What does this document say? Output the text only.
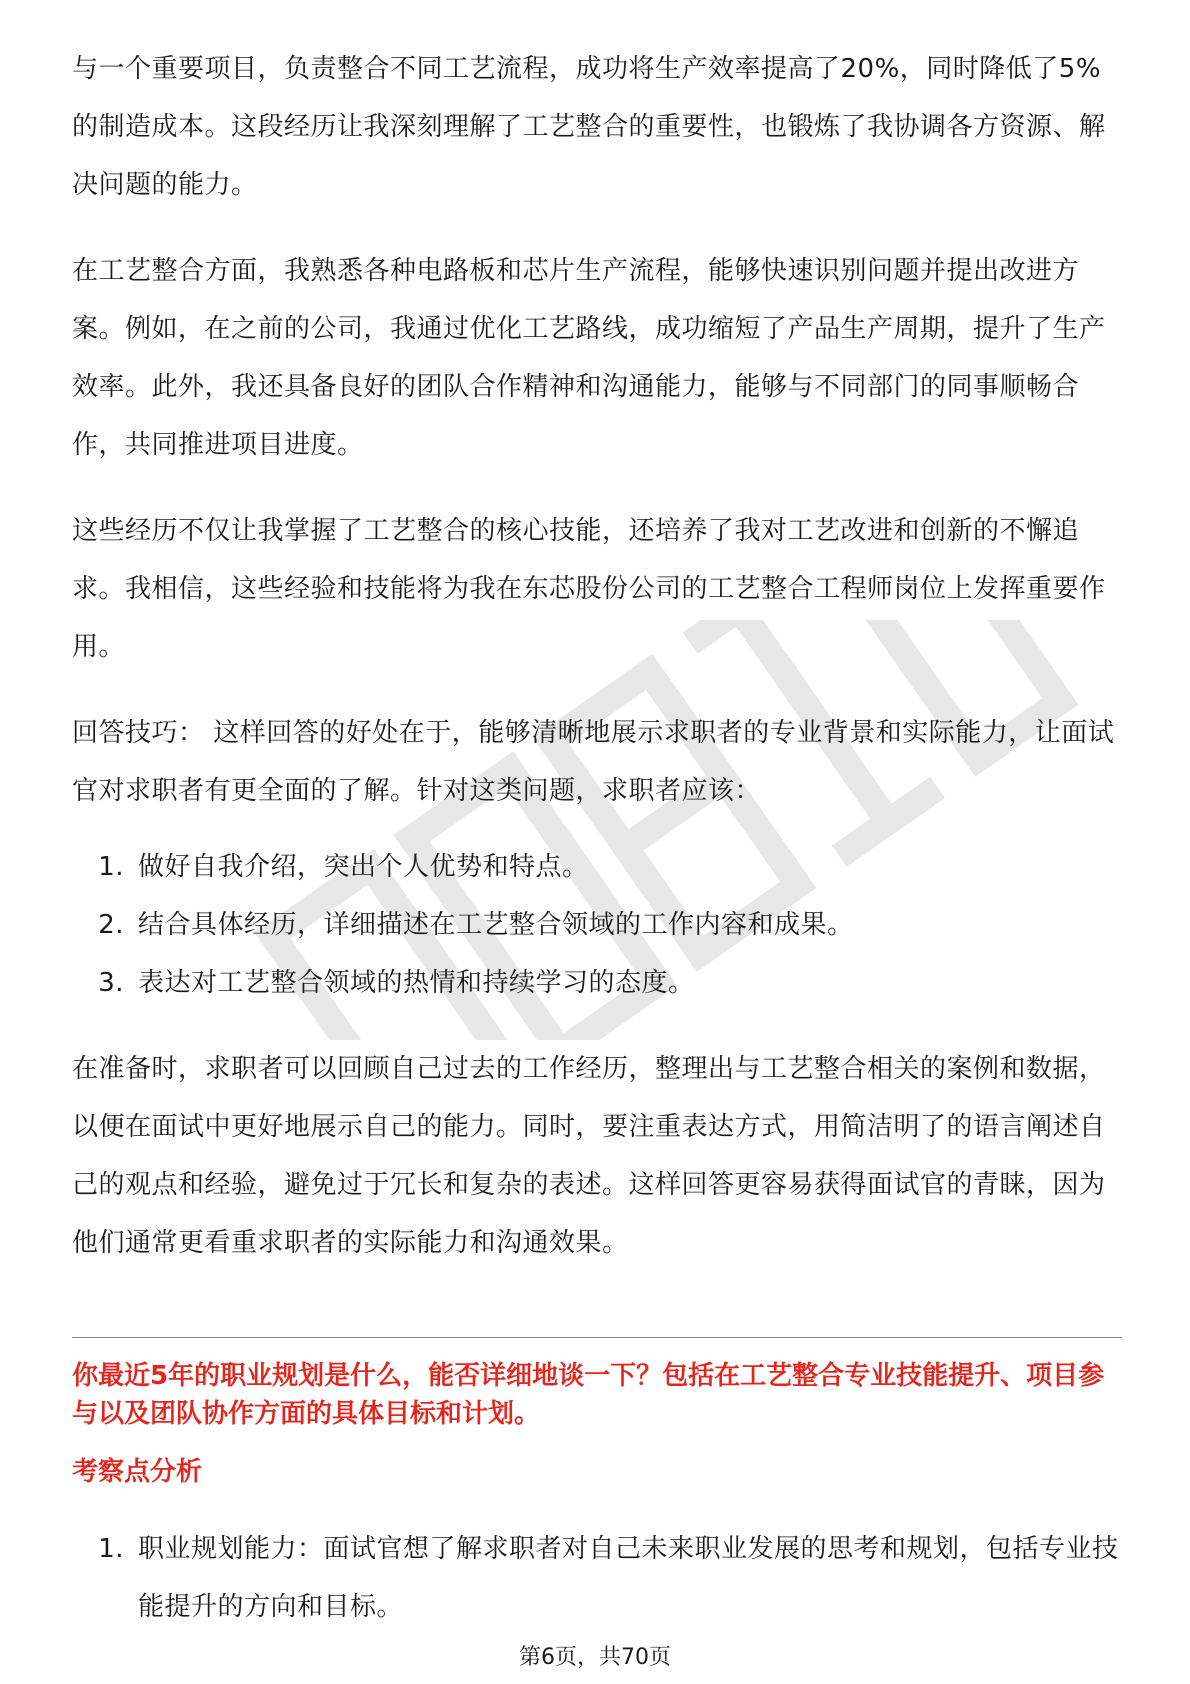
与一个重要项目，负责整合不同工艺流程，成功将生产效率提高了20%，同时降低了5%的制造成本。这段经历让我深刻理解了工艺整合的重要性，也锻炼了我协调各方资源、解决问题的能力。

在工艺整合方面，我熟悉各种电路板和芯片生产流程，能够快速识别问题并提出改进方案。例如，在之前的公司，我通过优化工艺路线，成功缩短了产品生产周期，提升了生产效率。此外，我还具备良好的团队合作精神和沟通能力，能够与不同部门的同事顺畅合作，共同推进项目进度。

这些经历不仅让我掌握了工艺整合的核心技能，还培养了我对工艺改进和创新的不懈追求。我相信，这些经验和技能将为我在东芯股份公司的工艺整合工程师岗位上发挥重要作用。

回答技巧： 这样回答的好处在于，能够清晰地展示求职者的专业背景和实际能力，让面试官对求职者有更全面的了解。针对这类问题，求职者应该：

1. 做好自我介绍，突出个人优势和特点。
2. 结合具体经历，详细描述在工艺整合领域的工作内容和成果。
3. 表达对工艺整合领域的热情和持续学习的态度。

在准备时，求职者可以回顾自己过去的工作经历，整理出与工艺整合相关的案例和数据，以便在面试中更好地展示自己的能力。同时，要注重表达方式，用简洁明了的语言阐述自己的观点和经验，避免过于冗长和复杂的表述。这样回答更容易获得面试官的青睐，因为他们通常更看重求职者的实际能力和沟通效果。

你最近5年的职业规划是什么，能否详细地谈一下？包括在工艺整合专业技能提升、项目参与以及团队协作方面的具体目标和计划。

考察点分析

1. 职业规划能力：面试官想了解求职者对自己未来职业发展的思考和规划，包括专业技能提升的方向和目标。
第6页，共70页
